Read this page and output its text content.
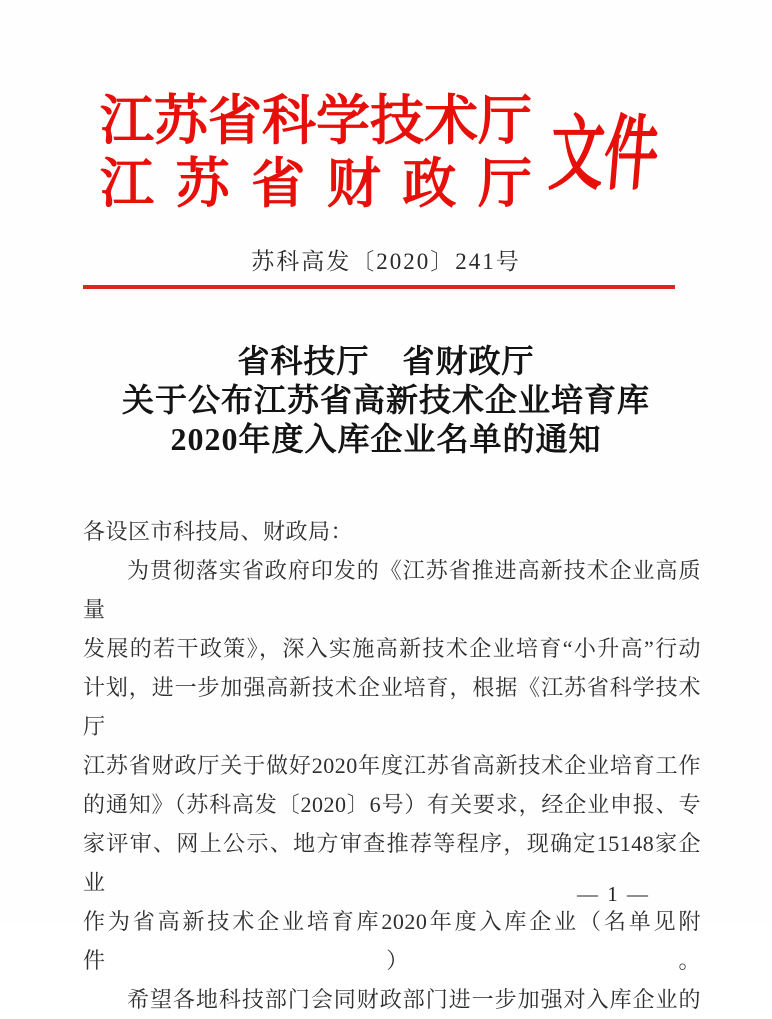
江苏省科学技术厅
江苏省财政厅 文件
苏科高发〔2020〕241号
省科技厅　省财政厅
关于公布江苏省高新技术企业培育库
2020年度入库企业名单的通知
各设区市科技局、财政局：
为贯彻落实省政府印发的《江苏省推进高新技术企业高质量
发展的若干政策》，深入实施高新技术企业培育“小升高”行动
计划，进一步加强高新技术企业培育，根据《江苏省科学技术厅
江苏省财政厅关于做好2020年度江苏省高新技术企业培育工作
的通知》（苏科高发〔2020〕6号）有关要求，经企业申报、专
家评审、网上公示、地方审查推荐等程序，现确定15148家企业
作为省高新技术企业培育库2020年度入库企业（名单见附件）。
希望各地科技部门会同财政部门进一步加强对入库企业的
— 1 —
